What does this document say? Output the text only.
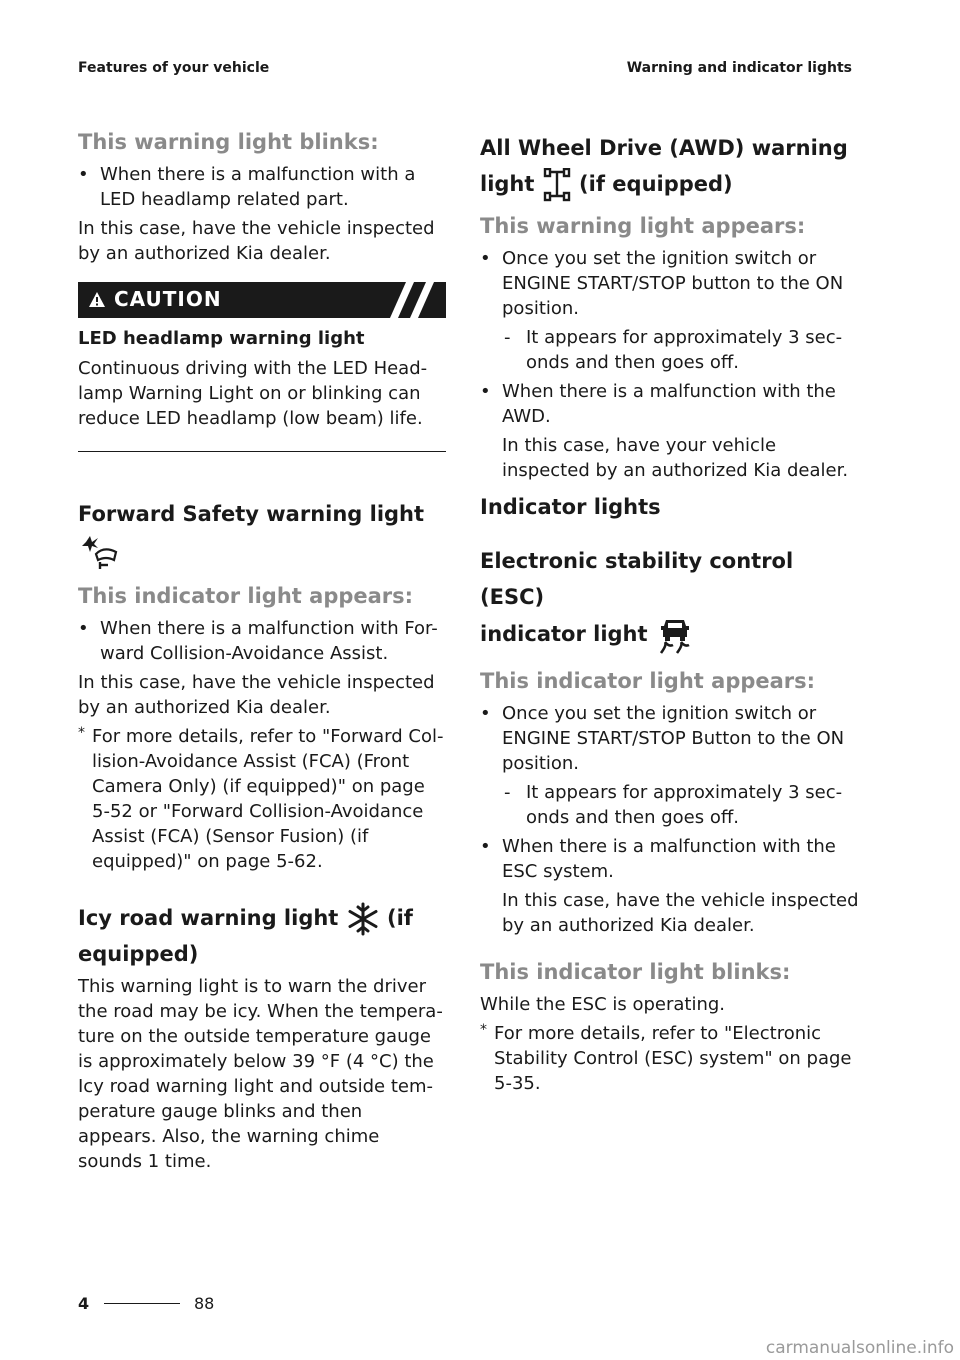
Features of your vehicle	Warning and indicator lights
This warning light blinks:
• When there is a malfunction with a LED headlamp related part.

In this case, have the vehicle inspected by an authorized Kia dealer.

CAUTION
LED headlamp warning light

Continuous driving with the LED Head-lamp Warning Light on or blinking can reduce LED headlamp (low beam) life.

Forward Safety warning light
This indicator light appears:
• When there is a malfunction with For-ward Collision-Avoidance Assist.

In this case, have the vehicle inspected by an authorized Kia dealer.

* For more details, refer to "Forward Col-lision-Avoidance Assist (FCA) (Front Camera Only) (if equipped)" on page 5-52 or "Forward Collision-Avoidance Assist (FCA) (Sensor Fusion) (if equipped)" on page 5-62.
Icy road warning light (if equipped)

This warning light is to warn the driver the road may be icy. When the tempera-ture on the outside temperature gauge is approximately below 39 °F (4 °C) the Icy road warning light and outside tem-perature gauge blinks and then appears. Also, the warning chime sounds 1 time.

All Wheel Drive (AWD) warning
light (if equipped)
This warning light appears:
• Once you set the ignition switch or ENGINE START/STOP button to the ON position.
- It appears for approximately 3 sec-onds and then goes off.
• When there is a malfunction with the AWD.
In this case, have your vehicle inspected by an authorized Kia dealer.
Indicator lights
Electronic stability control (ESC)
indicator light
This indicator light appears:
• Once you set the ignition switch or ENGINE START/STOP Button to the ON position.
- It appears for approximately 3 sec-onds and then goes off.
• When there is a malfunction with the ESC system.
In this case, have the vehicle inspected by an authorized Kia dealer.
This indicator light blinks:

While the ESC is operating.

* For more details, refer to "Electronic Stability Control (ESC) system" on page 5-35.
4	88
carmanualsonline.info
